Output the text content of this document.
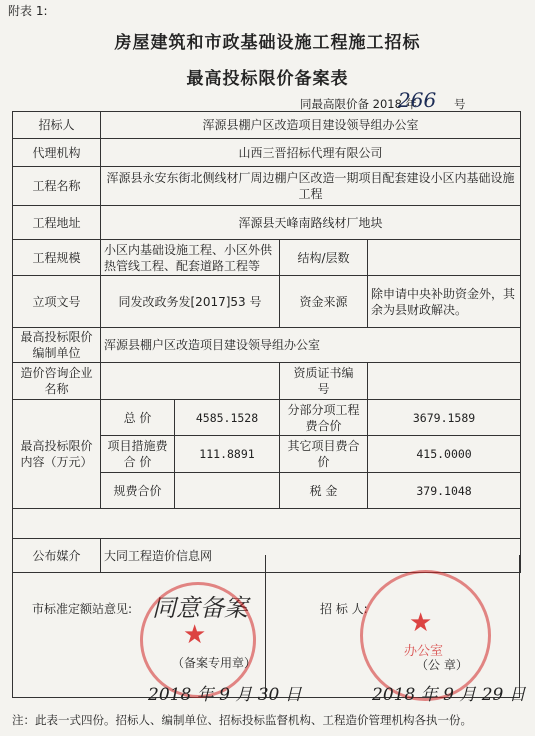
附表 1:
房屋建筑和市政基础设施工程施工招标
最高投标限价备案表
同最高限价备 2018 年
266 号
招标人	浑源县棚户区改造项目建设领导组办公室			
代理机构	山西三晋招标代理有限公司			
工程名称	浑源县永安东街北侧线材厂周边棚户区改造一期项目配套建设小区内基础设施工程			
工程地址	浑源县天峰南路线材厂地块			
工程规模	小区内基础设施工程、小区外供热管线工程、配套道路工程等		结构/层数	
立项文号	同发改政务发[2017]53 号		资金来源	除申请中央补助资金外，其余为县财政解决。
最高投标限价编制单位	浑源县棚户区改造项目建设领导组办公室			
造价咨询企业名称			资质证书编　　号	
最高投标限价内容（万元）	总 价	4585.1528	分部分项工程费合价	3679.1589
	项目措施费合 价	111.8891	其它项目费合 价	415.0000
	规费合价		税 金	379.1048

公布媒介	大同工程造价信息网			
市标准定额站意见: 同意备案
★
（备案专用章）
2018 年 9 月 30 日
招 标 人: ★
办公室
（公 章）
2018 年 9 月 29 日
注：此表一式四份。招标人、编制单位、招标投标监督机构、工程造价管理机构各执一份。
